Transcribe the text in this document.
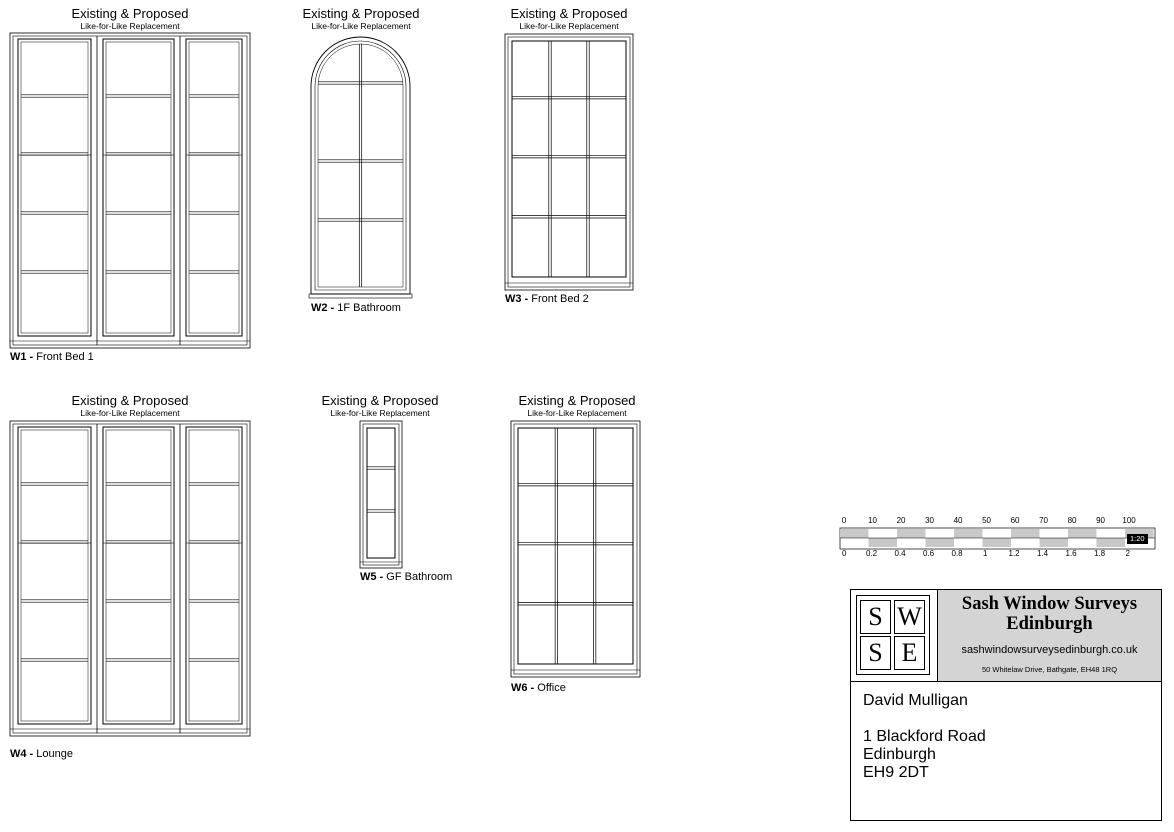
Existing & Proposed
Like-for-Like Replacement
Existing & Proposed
Like-for-Like Replacement
Existing & Proposed
Like-for-Like Replacement
Existing & Proposed
Like-for-Like Replacement
Existing & Proposed
Like-for-Like Replacement
Existing & Proposed
Like-for-Like Replacement
W1 - Front Bed 1
W2 - 1F Bathroom
W3 - Front Bed 2
W4 - Lounge
W5 - GF Bathroom
W6 - Office
0	10 20 30 40 50 60 70 80 90 100
0 0.2 0.4 0.6 0.8	1	1.2 1.4 1.6 1.8	2
1:20
S W
S E
Sash Window Surveys
Edinburgh
sashwindowsurveysedinburgh.co.uk
50 Whitelaw Drive, Bathgate, EH48 1RQ
David Mulligan
1 Blackford Road
Edinburgh
EH9 2DT
